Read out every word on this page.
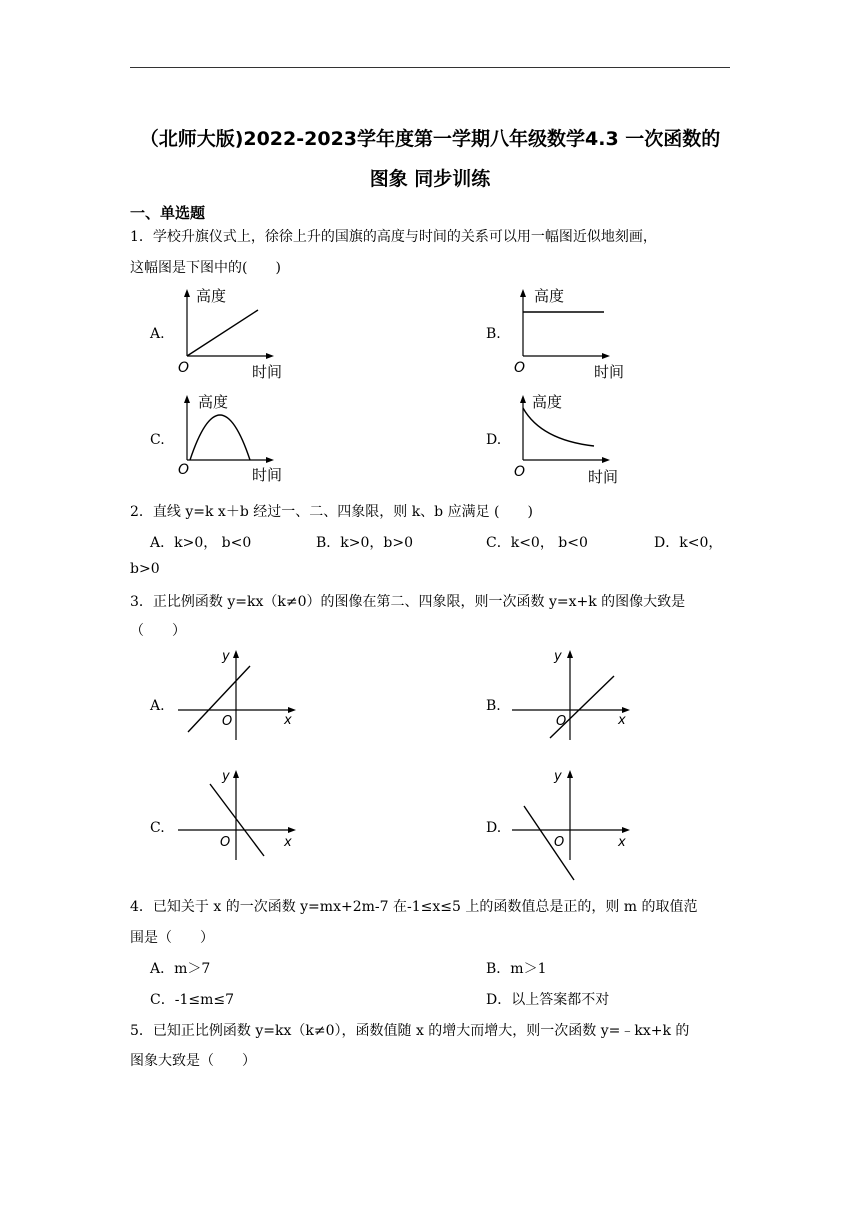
（北师大版)2022-2023学年度第一学期八年级数学4.3 一次函数的
图象 同步训练
一、单选题
1．学校升旗仪式上，徐徐上升的国旗的高度与时间的关系可以用一幅图近似地刻画，
这幅图是下图中的(　　)
A.
高度
时间
O
B.
高度
时间
O
C.
高度
时间
O
D.
高度
时间
O
2．直线 y=k x＋b 经过一、二、四象限，则 k、b 应满足 (　　)
A．k>0， b<0	B．k>0，b>0	C．k<0， b<0	D．k<0，
b>0
3．正比例函数 y=kx（k≠0）的图像在第二、四象限，则一次函数 y=x+k 的图像大致是
（　　）
A.
y
x
O
B.
y
x
O
C.
y
x
O
D.
y
x
O
4．已知关于 x 的一次函数 y=mx+2m-7 在-1≤x≤5 上的函数值总是正的，则 m 的取值范
围是（　　）
A．m＞7	B．m＞1
C．-1≤m≤7	D．以上答案都不对
5．已知正比例函数 y=kx（k≠0），函数值随 x 的增大而增大，则一次函数 y=﹣kx+k 的
图象大致是（　　）
